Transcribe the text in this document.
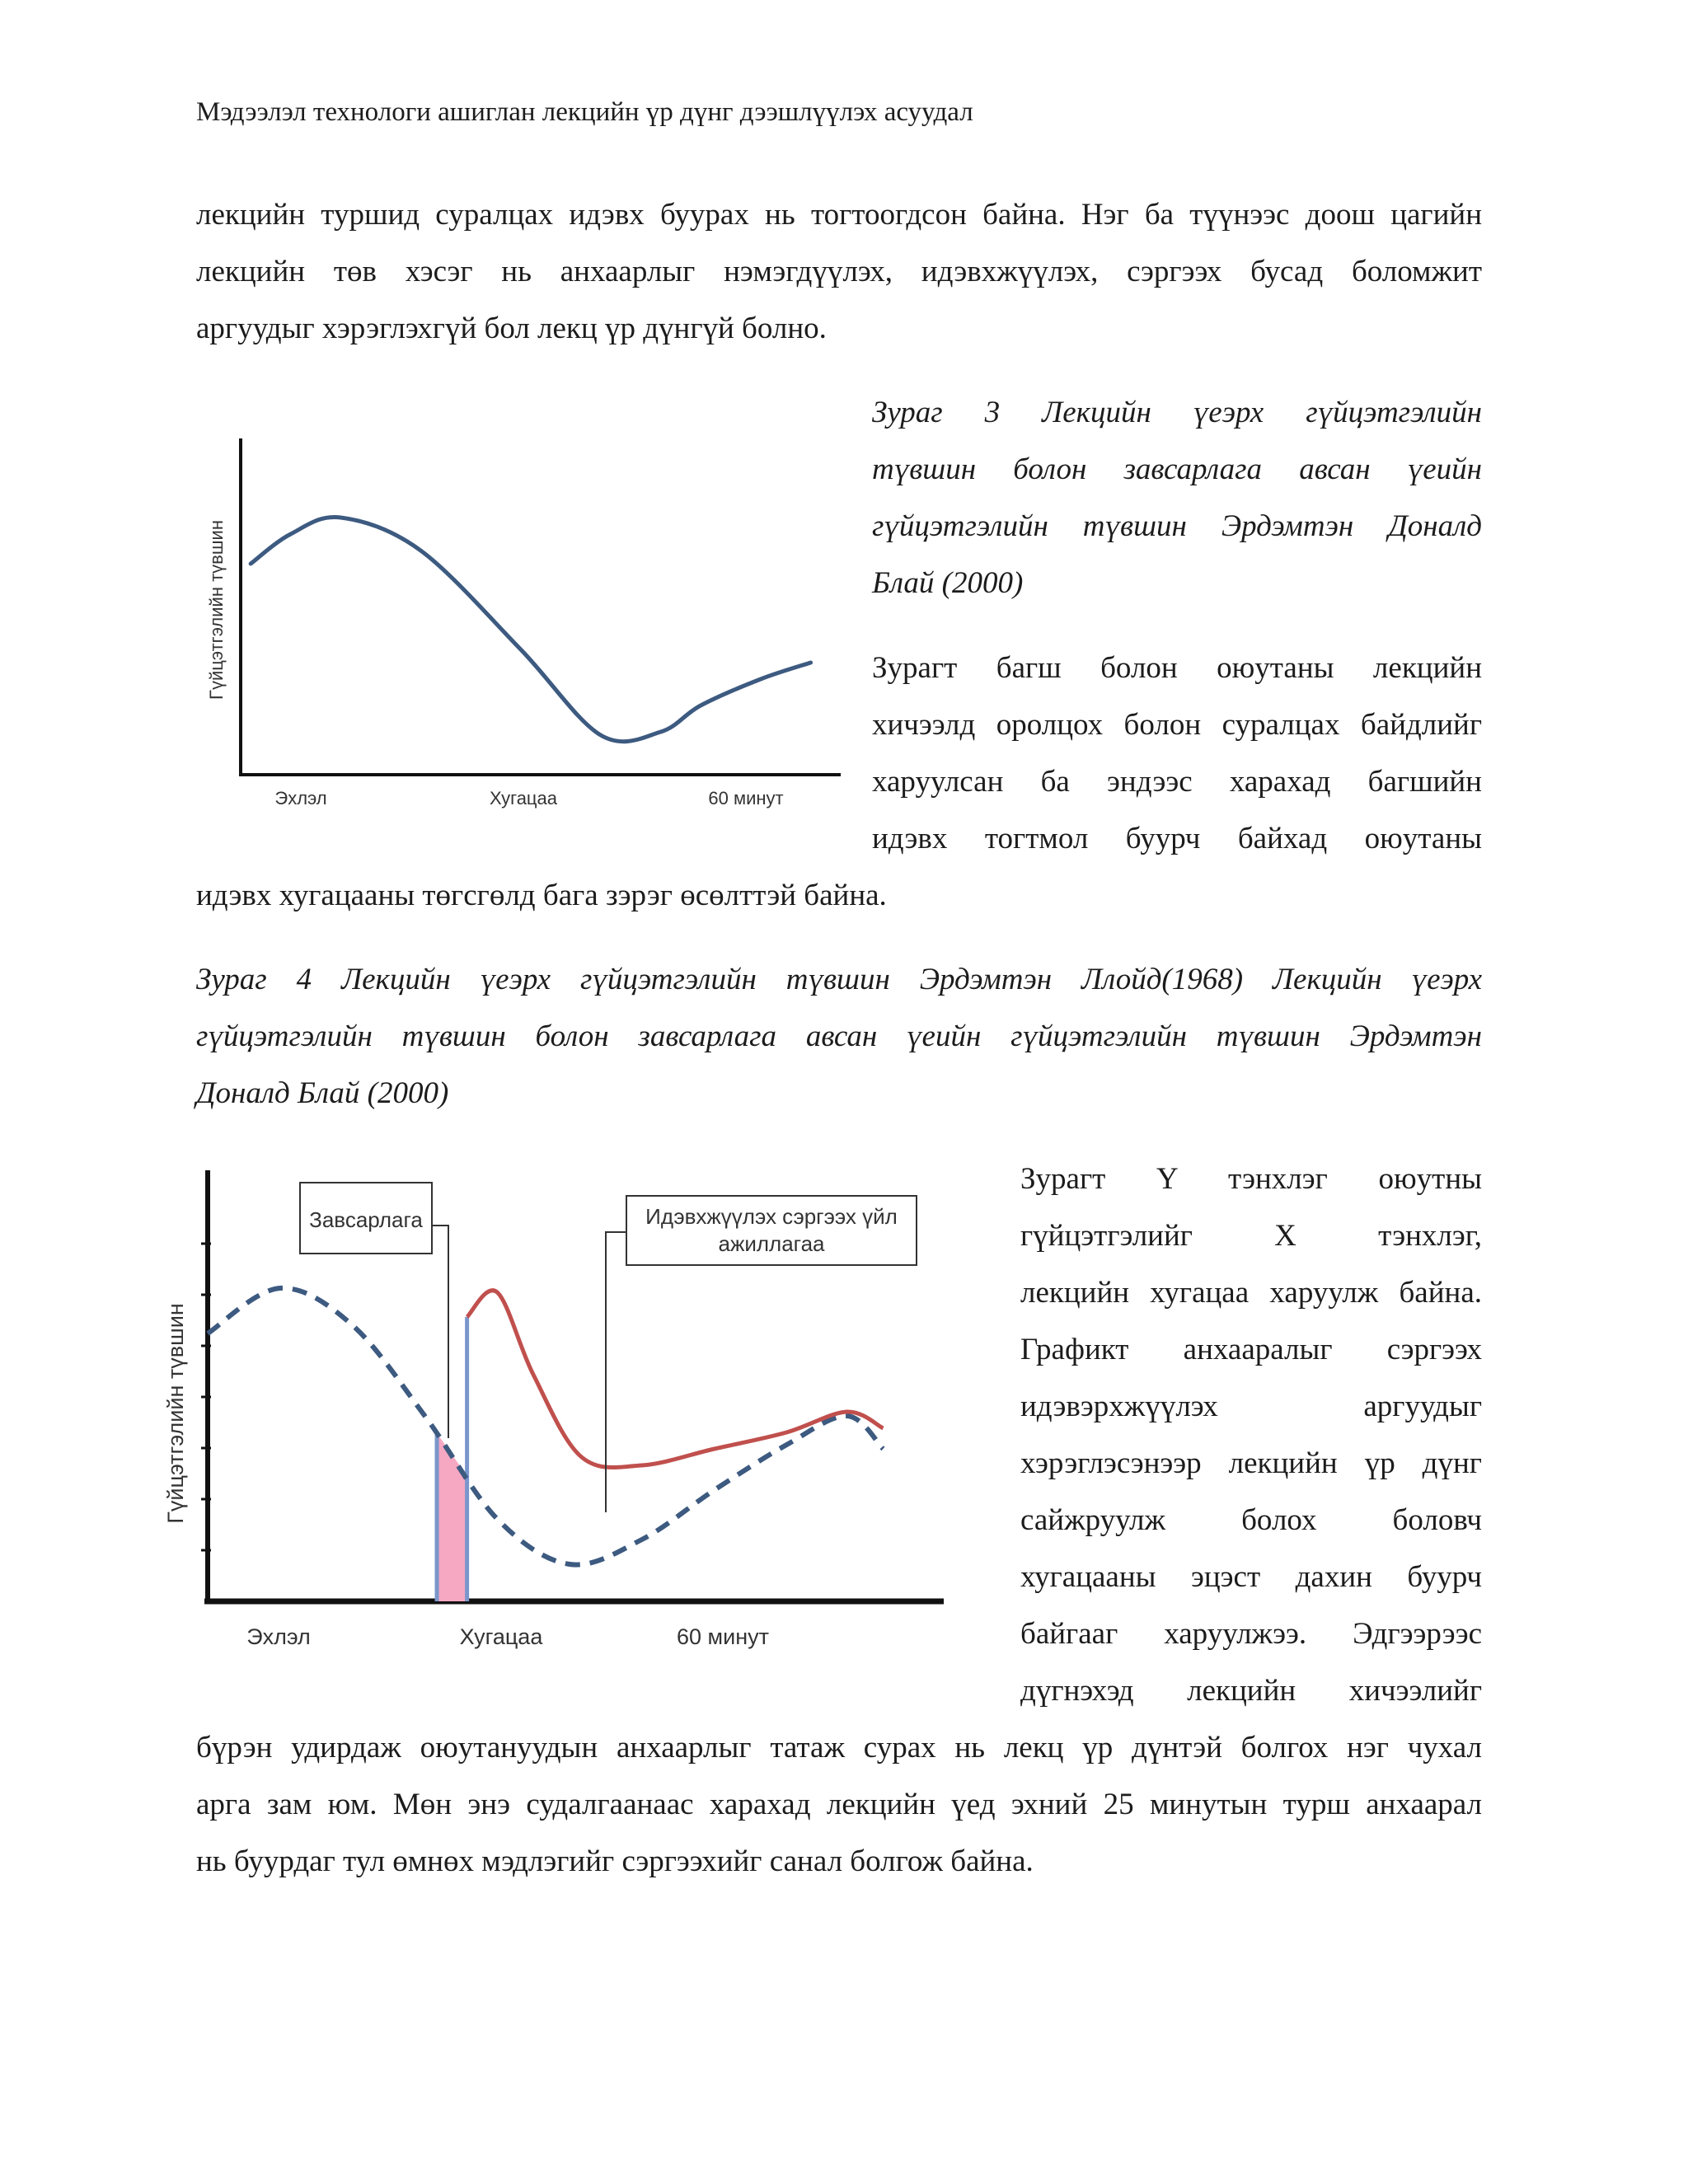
Мэдээлэл технологи ашиглан лекцийн үр дүнг дээшлүүлэх асуудал
лекцийн туршид суралцах идэвх буурах нь тогтоогдсон байна. Нэг ба түүнээс доош цагийн
лекцийн төв хэсэг нь анхаарлыг нэмэгдүүлэх, идэвхжүүлэх, сэргээх бусад боломжит
аргуудыг хэрэглэхгүй бол лекц үр дүнгүй болно.
Гүйцэтгэлийн түвшин
Эхлэл	Хугацаа	60 минут
Зураг 3 Лекцийн үеэрх гүйцэтгэлийн
түвшин болон завсарлага авсан үеийн
гүйцэтгэлийн түвшин Эрдэмтэн Доналд
Блай (2000)
Зурагт багш болон оюутаны лекцийн
хичээлд оролцох болон суралцах байдлийг
харуулсан ба эндээс харахад багшийн
идэвх тогтмол буурч байхад оюутаны
идэвх хугацааны төгсгөлд бага зэрэг өсөлттэй байна.
Зураг 4 Лекцийн үеэрх гүйцэтгэлийн түвшин Эрдэмтэн Ллойд(1968) Лекцийн үеэрх
гүйцэтгэлийн түвшин болон завсарлага авсан үеийн гүйцэтгэлийн түвшин Эрдэмтэн
Доналд Блай (2000)
Гүйцэтгэлийн түвшин
Эхлэл	Хугацаа	60 минут
Завсарлага	Идэвхжүүлэх сэргээх үйл
ажиллагаа
Зурагт Y тэнхлэг оюутны
гүйцэтгэлийг X тэнхлэг,
лекцийн хугацаа харуулж байна.
Графикт анхааралыг сэргээх
идэвэрхжүүлэх аргуудыг
хэрэглэсэнээр лекцийн үр дүнг
сайжруулж болох боловч
хугацааны эцэст дахин буурч
байгааг харуулжээ. Эдгээрээс
дүгнэхэд лекцийн хичээлийг
бүрэн удирдаж оюутануудын анхаарлыг татаж сурах нь лекц үр дүнтэй болгох нэг чухал
арга зам юм. Мөн энэ судалгаанаас харахад лекцийн үед эхний 25 минутын турш анхаарал
нь буурдаг тул өмнөх мэдлэгийг сэргээхийг санал болгож байна.
